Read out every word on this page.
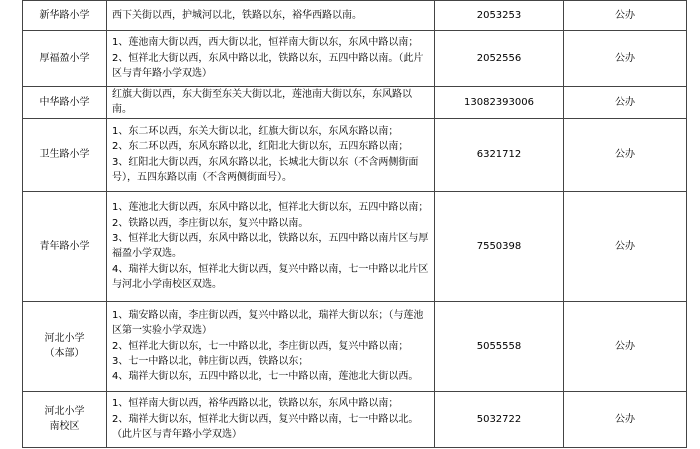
新华路小学	西下关街以西，护城河以北，铁路以东，裕华西路以南。	2053253	公办

厚福盈小学	1、莲池南大街以西，西大街以北，恒祥南大街以东，东风中路以南；
2、恒祥北大街以西，东风中路以北，铁路以东，五四中路以南。（此片区与青年路小学双选）	2052556	公办

中华路小学	红旗大街以西，东大街至东关大街以北，莲池南大街以东，东风路以南。	13082393006	公办

卫生路小学	1、东二环以西，东关大街以北，红旗大街以东，东风东路以南；
2、东二环以西，东风东路以北，红阳北大街以东，五四东路以南；
3、红阳北大街以西，东风东路以北，长城北大街以东（不含两侧街面号），五四东路以南（不含两侧街面号）。	6321712	公办

青年路小学	1、莲池北大街以西，东风中路以北，恒祥北大街以东，五四中路以南；
2、铁路以西，李庄街以东，复兴中路以南。
3、恒祥北大街以西，东风中路以北，铁路以东，五四中路以南片区与厚福盈小学双选。
4、瑞祥大街以东，恒祥北大街以西，复兴中路以南，七一中路以北片区与河北小学南校区双选。	7550398	公办

河北小学
（本部）	1、瑞安路以南，李庄街以西，复兴中路以北，瑞祥大街以东；（与莲池区第一实验小学双选）
2、恒祥北大街以东，七一中路以北，李庄街以西，复兴中路以南；
3、七一中路以北，韩庄街以西，铁路以东；
4、瑞祥大街以东，五四中路以北，七一中路以南，莲池北大街以西。	5055558	公办

河北小学
南校区	1、恒祥南大街以西，裕华西路以北，铁路以东，东风中路以南；
2、瑞祥大街以东，恒祥北大街以西，复兴中路以南，七一中路以北。（此片区与青年路小学双选）	5032722	公办
